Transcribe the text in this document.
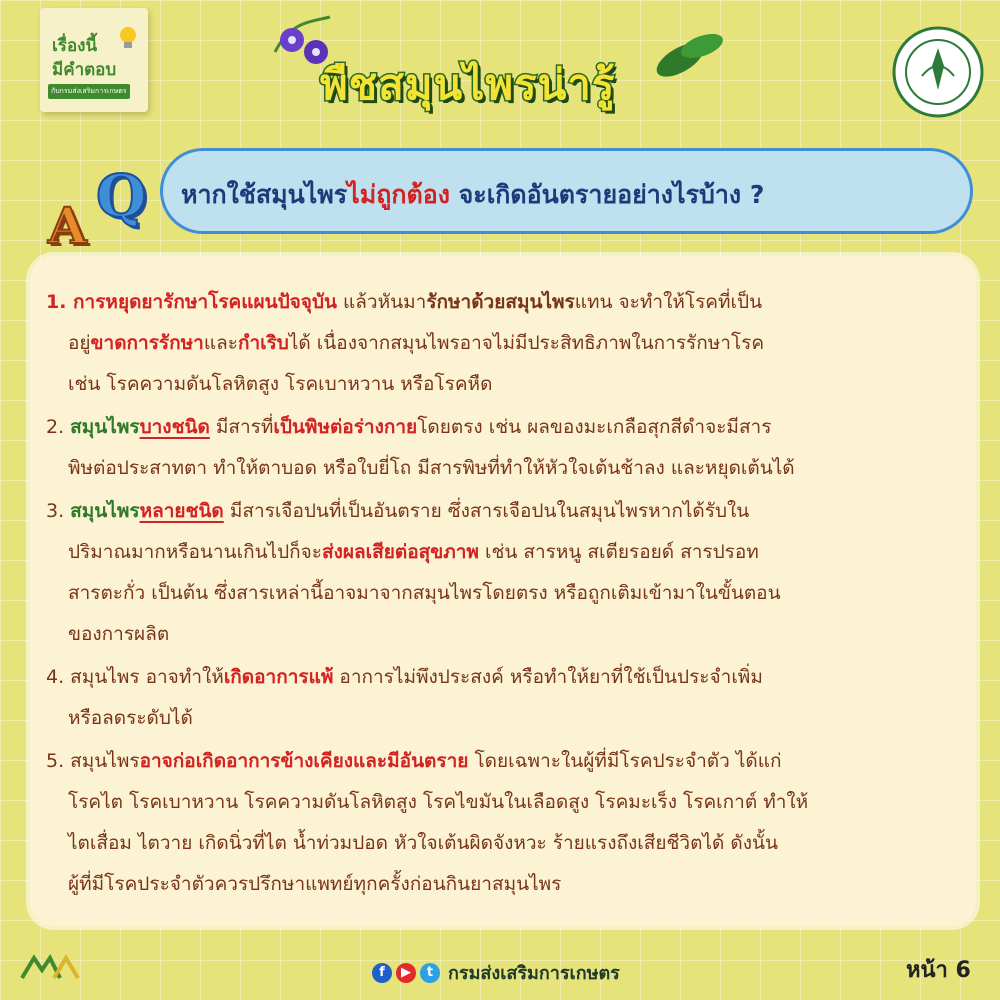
เรื่องนี้
มีคำตอบ
กับกรมส่งเสริมการเกษตร	พืชสมุนไพรน่ารู้
Q
A
หากใช้สมุนไพรไม่ถูกต้อง จะเกิดอันตรายอย่างไรบ้าง ?
1. การหยุดยารักษาโรคแผนปัจจุบัน แล้วหันมารักษาด้วยสมุนไพรแทน จะทำให้โรคที่เป็น
อยู่ขาดการรักษาและกำเริบได้ เนื่องจากสมุนไพรอาจไม่มีประสิทธิภาพในการรักษาโรค
เช่น โรคความดันโลหิตสูง โรคเบาหวาน หรือโรคหืด
2. สมุนไพรบางชนิด มีสารที่เป็นพิษต่อร่างกายโดยตรง เช่น ผลของมะเกลือสุกสีดำจะมีสาร
พิษต่อประสาทตา ทำให้ตาบอด หรือใบยี่โถ มีสารพิษที่ทำให้หัวใจเต้นช้าลง และหยุดเต้นได้
3. สมุนไพรหลายชนิด มีสารเจือปนที่เป็นอันตราย ซึ่งสารเจือปนในสมุนไพรหากได้รับใน
ปริมาณมากหรือนานเกินไปก็จะส่งผลเสียต่อสุขภาพ เช่น สารหนู สเตียรอยด์ สารปรอท
สารตะกั่ว เป็นต้น ซึ่งสารเหล่านี้อาจมาจากสมุนไพรโดยตรง หรือถูกเติมเข้ามาในขั้นตอน
ของการผลิต
4. สมุนไพร อาจทำให้เกิดอาการแพ้ อาการไม่พึงประสงค์ หรือทำให้ยาที่ใช้เป็นประจำเพิ่ม
หรือลดระดับได้
5. สมุนไพรอาจก่อเกิดอาการข้างเคียงและมีอันตราย โดยเฉพาะในผู้ที่มีโรคประจำตัว ได้แก่
โรคไต โรคเบาหวาน โรคความดันโลหิตสูง โรคไขมันในเลือดสูง โรคมะเร็ง โรคเกาต์ ทำให้
ไตเสื่อม ไตวาย เกิดนิ่วที่ไต น้ำท่วมปอด หัวใจเต้นผิดจังหวะ ร้ายแรงถึงเสียชีวิตได้ ดังนั้น
ผู้ที่มีโรคประจำตัวควรปรึกษาแพทย์ทุกครั้งก่อนกินยาสมุนไพร
f ▶ t กรมส่งเสริมการเกษตร	หน้า 6
